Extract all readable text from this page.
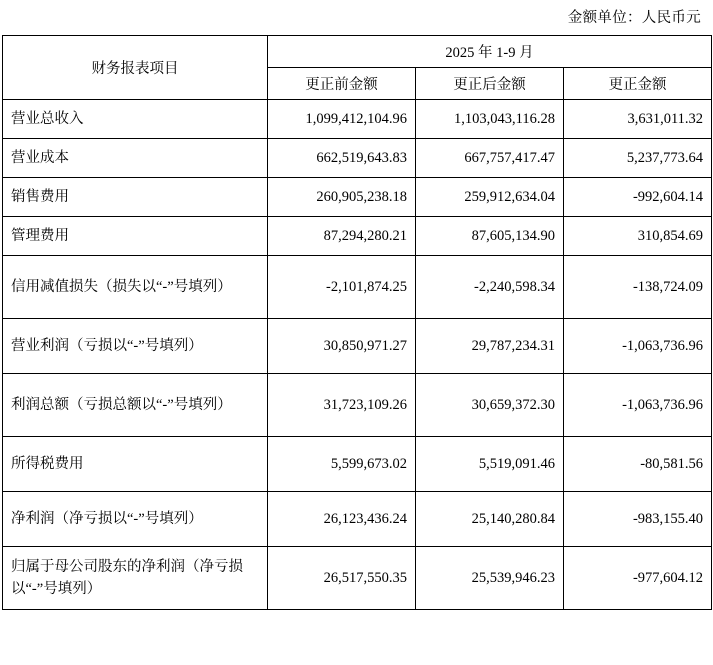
金额单位：人民币元
财务报表项目	2025 年 1-9 月		
	更正前金额	更正后金额	更正金额
营业总收入	1,099,412,104.96	1,103,043,116.28	3,631,011.32
营业成本	662,519,643.83	667,757,417.47	5,237,773.64
销售费用	260,905,238.18	259,912,634.04	-992,604.14
管理费用	87,294,280.21	87,605,134.90	310,854.69
信用减值损失（损失以“-”号填列）	-2,101,874.25	-2,240,598.34	-138,724.09
营业利润（亏损以“-”号填列）	30,850,971.27	29,787,234.31	-1,063,736.96
利润总额（亏损总额以“-”号填列）	31,723,109.26	30,659,372.30	-1,063,736.96
所得税费用	5,599,673.02	5,519,091.46	-80,581.56
净利润（净亏损以“-”号填列）	26,123,436.24	25,140,280.84	-983,155.40
归属于母公司股东的净利润（净亏损以“-”号填列）	26,517,550.35	25,539,946.23	-977,604.12
